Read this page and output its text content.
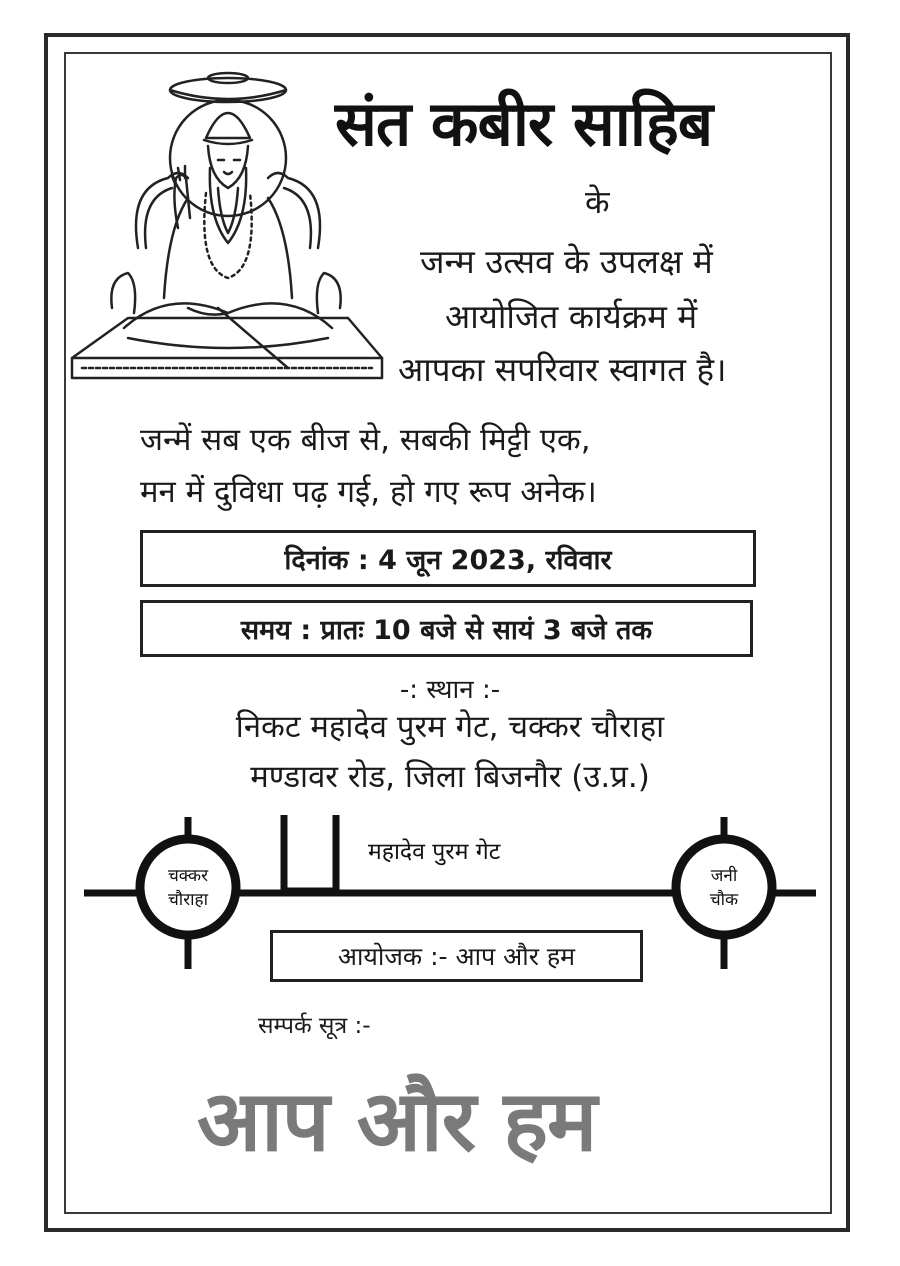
संत कबीर साहिब
के
जन्म उत्सव के उपलक्ष में
आयोजित कार्यक्रम में
आपका सपरिवार स्वागत है।
जन्में सब एक बीज से, सबकी मिट्टी एक,
मन में दुविधा पढ़ गई, हो गए रूप अनेक।
दिनांक : 4 जून 2023, रविवार
समय : प्रातः 10 बजे से सायं 3 बजे तक
-: स्थान :-
निकट महादेव पुरम गेट, चक्कर चौराहा
मण्डावर रोड, जिला बिजनौर (उ.प्र.)
चक्कर
चौराहा
जनी
चौक
महादेव पुरम गेट
आयोजक :- आप और हम
सम्पर्क सूत्र :-
आप और हम
